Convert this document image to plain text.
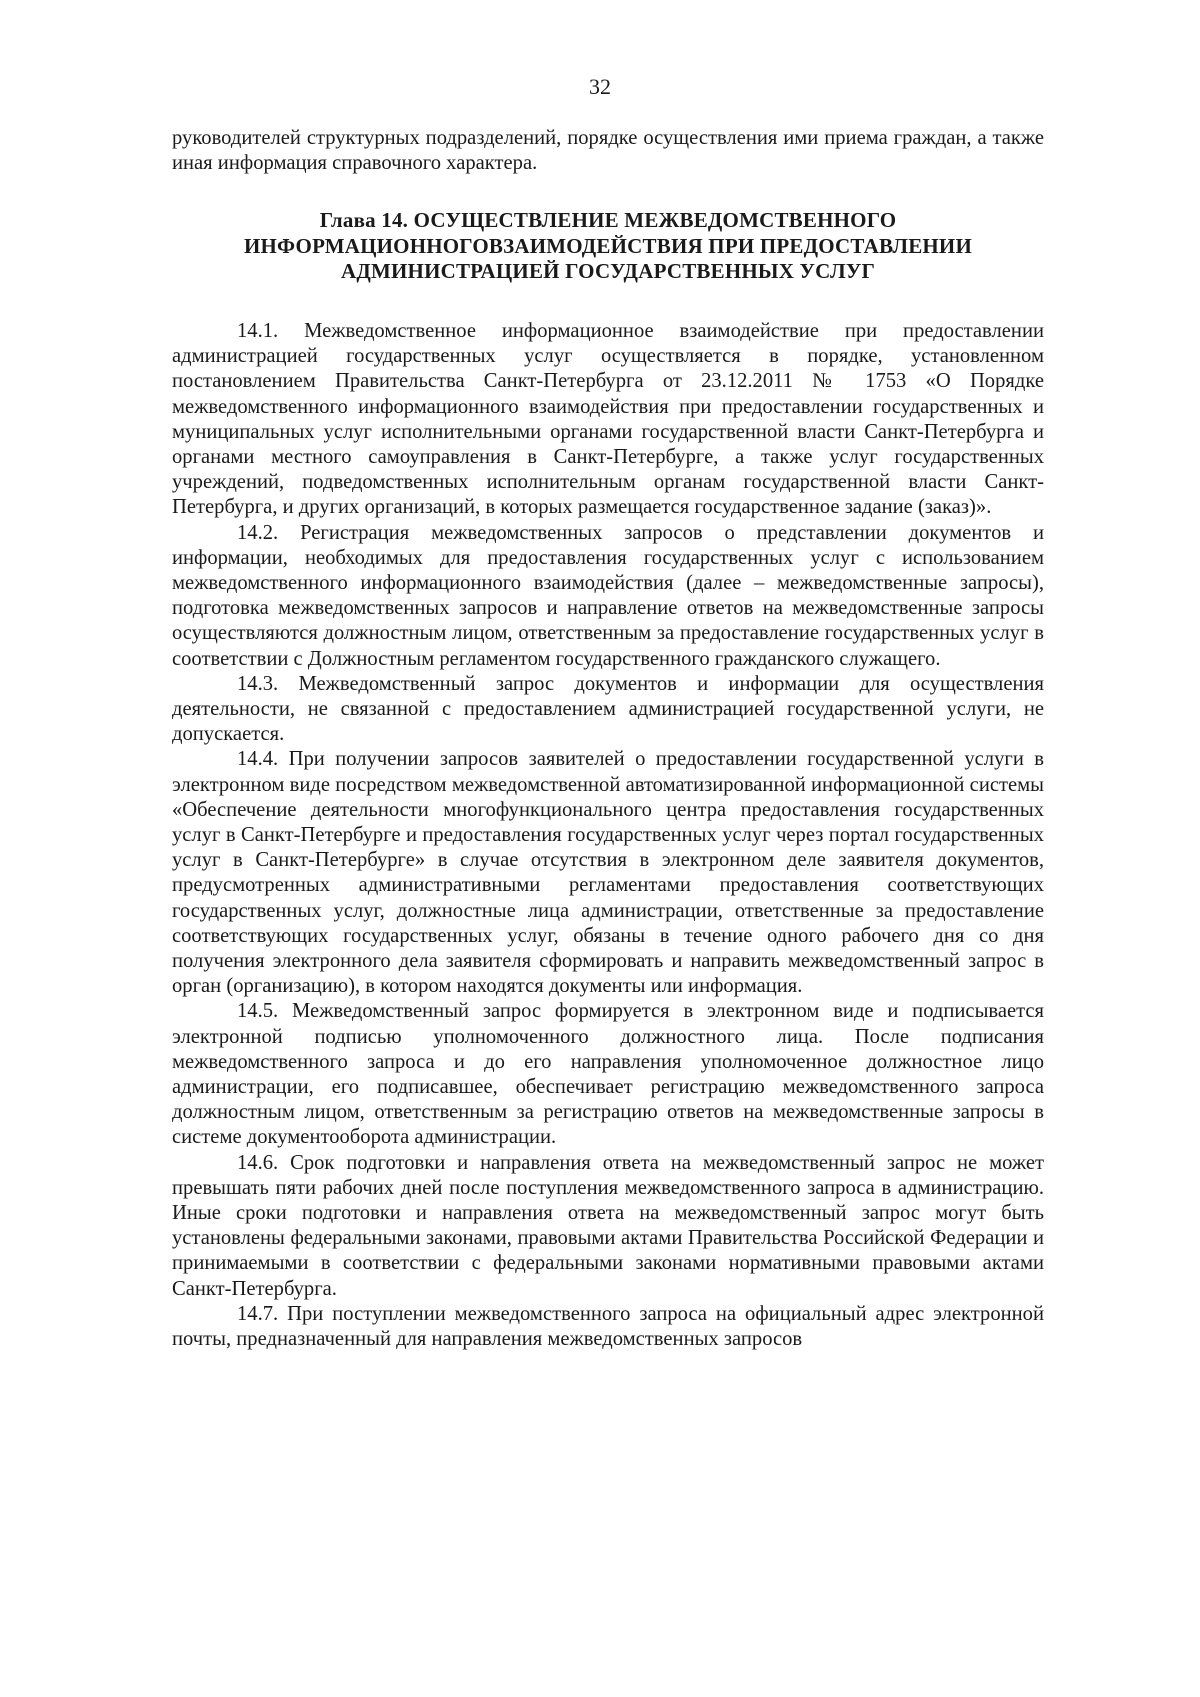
32

руководителей структурных подразделений, порядке осуществления ими приема граждан, а также иная информация справочного характера.

Глава 14. ОСУЩЕСТВЛЕНИЕ МЕЖВЕДОМСТВЕННОГО
ИНФОРМАЦИОННОГОВЗАИМОДЕЙСТВИЯ ПРИ ПРЕДОСТАВЛЕНИИ
АДМИНИСТРАЦИЕЙ ГОСУДАРСТВЕННЫХ УСЛУГ

14.1. Межведомственное информационное взаимодействие при предоставлении администрацией государственных услуг осуществляется в порядке, установленном постановлением Правительства Санкт-Петербурга от 23.12.2011 № 1753 «О Порядке межведомственного информационного взаимодействия при предоставлении государственных и муниципальных услуг исполнительными органами государственной власти Санкт-Петербурга и органами местного самоуправления в Санкт-Петербурге, а также услуг государственных учреждений, подведомственных исполнительным органам государственной власти Санкт-Петербурга, и других организаций, в которых размещается государственное задание (заказ)».

14.2. Регистрация межведомственных запросов о представлении документов и информации, необходимых для предоставления государственных услуг с использованием межведомственного информационного взаимодействия (далее – межведомственные запросы), подготовка межведомственных запросов и направление ответов на межведомственные запросы осуществляются должностным лицом, ответственным за предоставление государственных услуг в соответствии с Должностным регламентом государственного гражданского служащего.

14.3. Межведомственный запрос документов и информации для осуществления деятельности, не связанной с предоставлением администрацией государственной услуги, не допускается.

14.4. При получении запросов заявителей о предоставлении государственной услуги в электронном виде посредством межведомственной автоматизированной информационной системы «Обеспечение деятельности многофункционального центра предоставления государственных услуг в Санкт-Петербурге и предоставления государственных услуг через портал государственных услуг в Санкт-Петербурге» в случае отсутствия в электронном деле заявителя документов, предусмотренных административными регламентами предоставления соответствующих государственных услуг, должностные лица администрации, ответственные за предоставление соответствующих государственных услуг, обязаны в течение одного рабочего дня со дня получения электронного дела заявителя сформировать и направить межведомственный запрос в орган (организацию), в котором находятся документы или информация.

14.5. Межведомственный запрос формируется в электронном виде и подписывается электронной подписью уполномоченного должностного лица. После подписания межведомственного запроса и до его направления уполномоченное должностное лицо администрации, его подписавшее, обеспечивает регистрацию межведомственного запроса должностным лицом, ответственным за регистрацию ответов на межведомственные запросы в системе документооборота администрации.

14.6. Срок подготовки и направления ответа на межведомственный запрос не может превышать пяти рабочих дней после поступления межведомственного запроса в администрацию. Иные сроки подготовки и направления ответа на межведомственный запрос могут быть установлены федеральными законами, правовыми актами Правительства Российской Федерации и принимаемыми в соответствии с федеральными законами нормативными правовыми актами Санкт-Петербурга.

14.7. При поступлении межведомственного запроса на официальный адрес электронной почты, предназначенный для направления межведомственных запросов
